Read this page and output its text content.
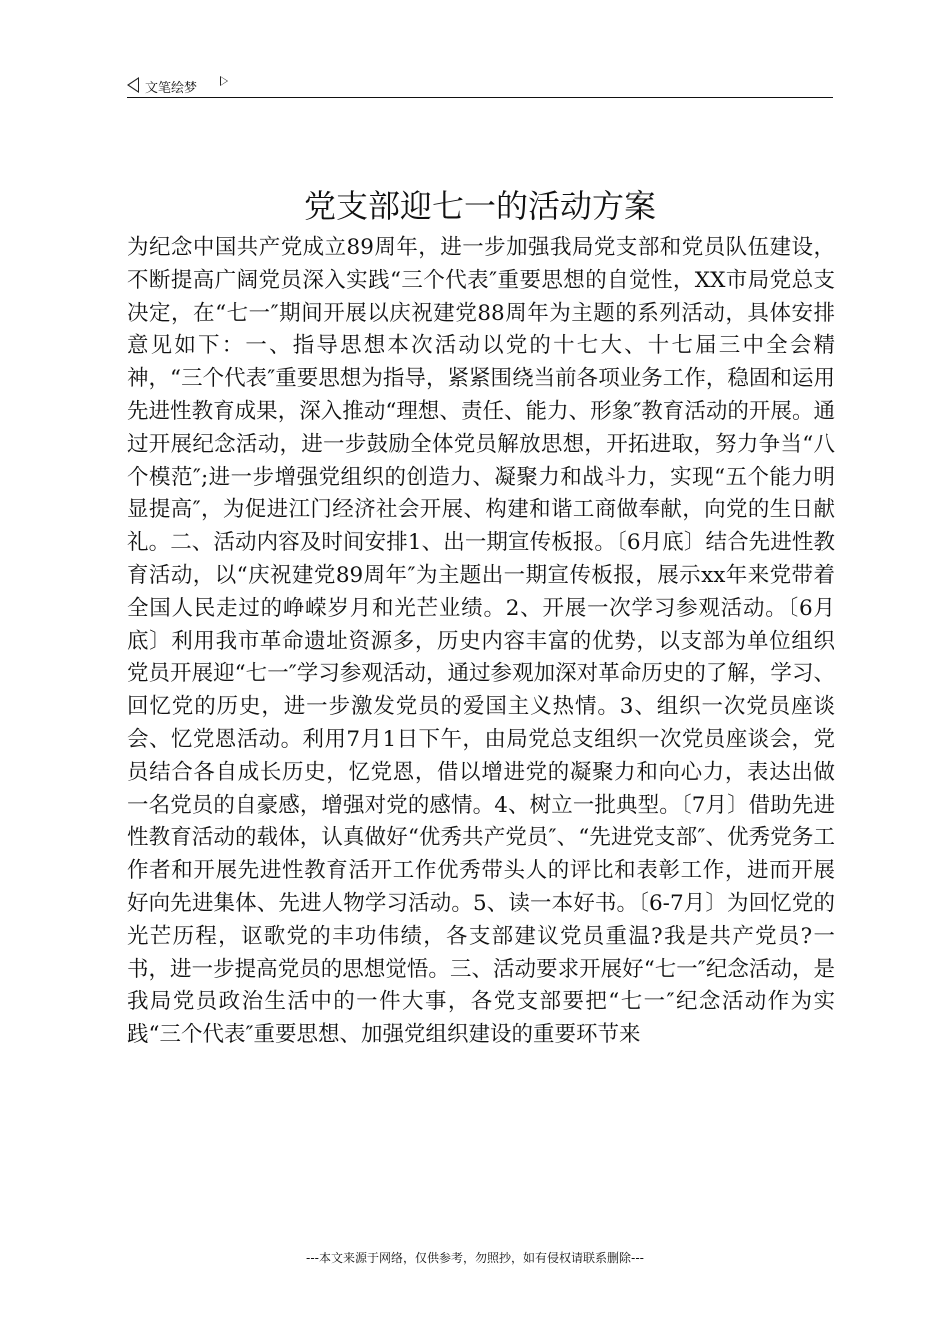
文笔绘梦
党支部迎七一的活动方案

为纪念中国共产党成立89周年，进一步加强我局党支部和党员队伍建设，不断提高广阔党员深入实践“三个代表″重要思想的自觉性，XX市局党总支决定，在“七一″期间开展以庆祝建党88周年为主题的系列活动，具体安排意见如下：一、指导思想本次活动以党的十七大、十七届三中全会精神，“三个代表″重要思想为指导，紧紧围绕当前各项业务工作，稳固和运用先进性教育成果，深入推动“理想、责任、能力、形象″教育活动的开展。通过开展纪念活动，进一步鼓励全体党员解放思想，开拓进取，努力争当“八个模范″;进一步增强党组织的创造力、凝聚力和战斗力，实现“五个能力明显提高″，为促进江门经济社会开展、构建和谐工商做奉献，向党的生日献礼。二、活动内容及时间安排1、出一期宣传板报。〔6月底〕结合先进性教育活动，以“庆祝建党89周年″为主题出一期宣传板报，展示xx年来党带着全国人民走过的峥嵘岁月和光芒业绩。2、开展一次学习参观活动。〔6月底〕利用我市革命遗址资源多，历史内容丰富的优势，以支部为单位组织党员开展迎“七一″学习参观活动，通过参观加深对革命历史的了解，学习、回忆党的历史，进一步激发党员的爱国主义热情。3、组织一次党员座谈会、忆党恩活动。利用7月1日下午，由局党总支组织一次党员座谈会，党员结合各自成长历史，忆党恩，借以增进党的凝聚力和向心力，表达出做一名党员的自豪感，增强对党的感情。4、树立一批典型。〔7月〕借助先进性教育活动的载体，认真做好“优秀共产党员″、“先进党支部″、优秀党务工作者和开展先进性教育活开工作优秀带头人的评比和表彰工作，进而开展好向先进集体、先进人物学习活动。5、读一本好书。〔6-7月〕为回忆党的光芒历程，讴歌党的丰功伟绩，各支部建议党员重温?我是共产党员?一书，进一步提高党员的思想觉悟。三、活动要求开展好“七一″纪念活动，是我局党员政治生活中的一件大事，各党支部要把“七一″纪念活动作为实践“三个代表″重要思想、加强党组织建设的重要环节来

---本文来源于网络，仅供参考，勿照抄，如有侵权请联系删除---
